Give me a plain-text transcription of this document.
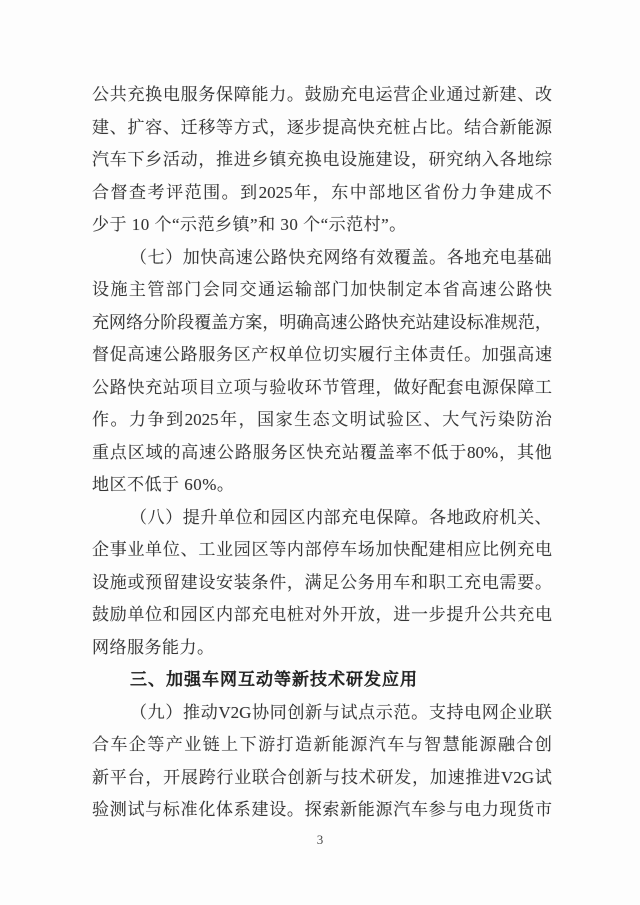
公 共 充 换 电 服 务 保 障 能 力 。 鼓 励 充 电 运 营 企 业 通 过 新 建 、 改
建 、 扩 容 、 迁 移 等 方 式 ， 逐 步 提 高 快 充 桩 占 比 。 结 合 新 能 源
汽 车 下 乡 活 动 ， 推 进 乡 镇 充 换 电 设 施 建 设 ， 研 究 纳 入 各 地 综
合 督 查 考 评 范 围 。 到 2025 年 ， 东 中 部 地 区 省 份 力 争 建 成 不
少于 10 个“示范乡镇”和 30 个“示范村”。
（ 七 ） 加 快 高 速 公 路 快 充 网 络 有 效 覆 盖 。 各 地 充 电 基 础
设 施 主 管 部 门 会 同 交 通 运 输 部 门 加 快 制 定 本 省 高 速 公 路 快
充 网 络 分 阶 段 覆 盖 方 案 ， 明 确 高 速 公 路 快 充 站 建 设 标 准 规 范 ，
督 促 高 速 公 路 服 务 区 产 权 单 位 切 实 履 行 主 体 责 任 。 加 强 高 速
公 路 快 充 站 项 目 立 项 与 验 收 环 节 管 理 ， 做 好 配 套 电 源 保 障 工
作 。 力 争 到 2025 年 ， 国 家 生 态 文 明 试 验 区 、 大 气 污 染 防 治
重 点 区 域 的 高 速 公 路 服 务 区 快 充 站 覆 盖 率 不 低 于 80% ， 其 他
地区不低于 60%。
（ 八 ） 提 升 单 位 和 园 区 内 部 充 电 保 障 。 各 地 政 府 机 关 、
企 事 业 单 位 、 工 业 园 区 等 内 部 停 车 场 加 快 配 建 相 应 比 例 充 电
设 施 或 预 留 建 设 安 装 条 件 ， 满 足 公 务 用 车 和 职 工 充 电 需 要 。
鼓 励 单 位 和 园 区 内 部 充 电 桩 对 外 开 放 ， 进 一 步 提 升 公 共 充 电
网络服务能力。
三、加强车网互动等新技术研发应用
（ 九 ） 推 动 V2G 协 同 创 新 与 试 点 示 范 。 支 持 电 网 企 业 联
合 车 企 等 产 业 链 上 下 游 打 造 新 能 源 汽 车 与 智 慧 能 源 融 合 创
新 平 台 ， 开 展 跨 行 业 联 合 创 新 与 技 术 研 发 ， 加 速 推 进 V2G 试
验 测 试 与 标 准 化 体 系 建 设 。 探 索 新 能 源 汽 车 参 与 电 力 现 货 市
3
